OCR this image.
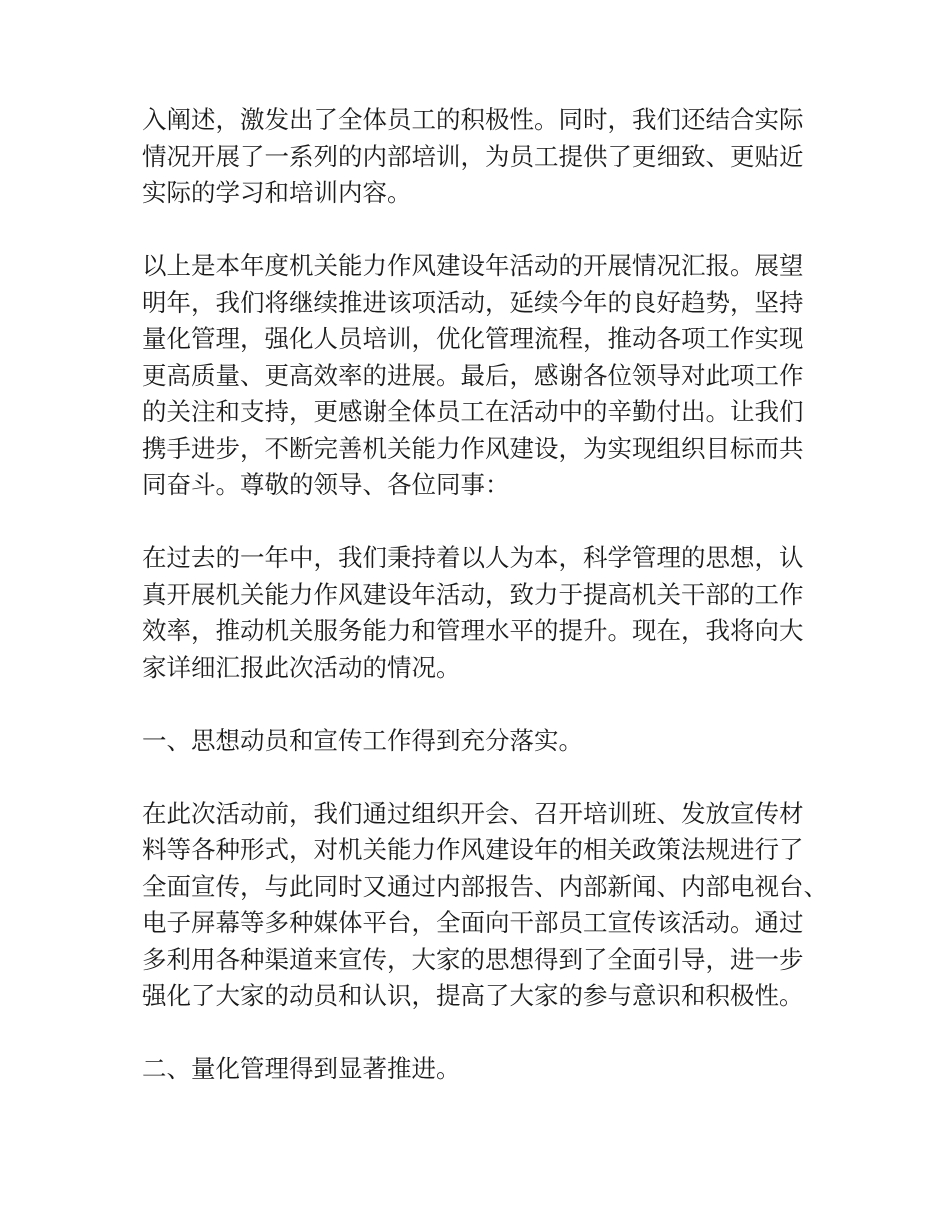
入阐述，激发出了全体员工的积极性。同时，我们还结合实际
情况开展了一系列的内部培训，为员工提供了更细致、更贴近
实际的学习和培训内容。

以上是本年度机关能力作风建设年活动的开展情况汇报。展望
明年，我们将继续推进该项活动，延续今年的良好趋势，坚持
量化管理，强化人员培训，优化管理流程，推动各项工作实现
更高质量、更高效率的进展。最后，感谢各位领导对此项工作
的关注和支持，更感谢全体员工在活动中的辛勤付出。让我们
携手进步，不断完善机关能力作风建设，为实现组织目标而共
同奋斗。尊敬的领导、各位同事：

在过去的一年中，我们秉持着以人为本，科学管理的思想，认
真开展机关能力作风建设年活动，致力于提高机关干部的工作
效率，推动机关服务能力和管理水平的提升。现在，我将向大
家详细汇报此次活动的情况。

一、思想动员和宣传工作得到充分落实。

在此次活动前，我们通过组织开会、召开培训班、发放宣传材
料等各种形式，对机关能力作风建设年的相关政策法规进行了
全面宣传，与此同时又通过内部报告、内部新闻、内部电视台、
电子屏幕等多种媒体平台，全面向干部员工宣传该活动。通过
多利用各种渠道来宣传，大家的思想得到了全面引导，进一步
强化了大家的动员和认识，提高了大家的参与意识和积极性。

二、量化管理得到显著推进。
